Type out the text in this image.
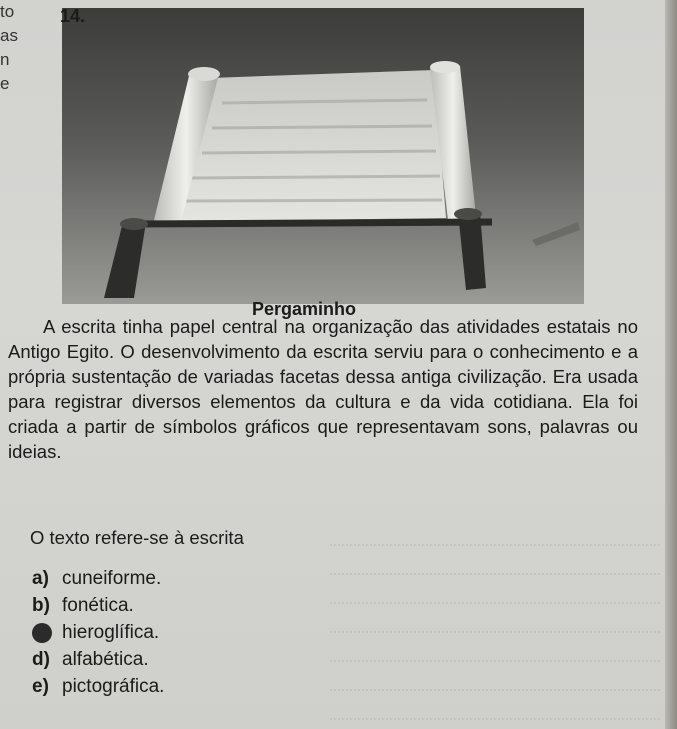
to
as
n
e
14.
Pergaminho
A escrita tinha papel central na organização das atividades estatais no Antigo Egito. O desenvolvimento da escrita serviu para o conhecimento e a própria sustentação de variadas facetas dessa antiga civilização. Era usada para registrar diversos elementos da cultura e da vida cotidiana. Ela foi criada a partir de símbolos gráficos que representavam sons, palavras ou ideias.
O texto refere-se à escrita
a) cuneiforme.
b) fonética.
hieroglífica.
d) alfabética.
e) pictográfica.
